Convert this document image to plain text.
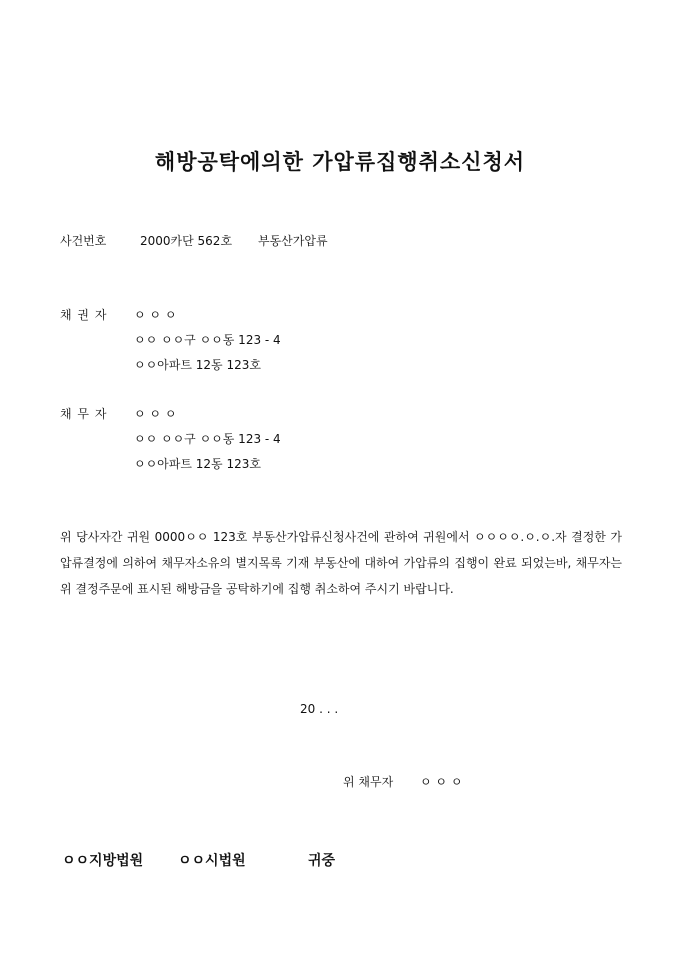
해방공탁에의한 가압류집행취소신청서
사건번호	2000카단 562호 부동산가압류
채 권 자 ㅇ ㅇ ㅇ
ㅇㅇ ㅇㅇ구 ㅇㅇ동 123 - 4
ㅇㅇ아파트 12동 123호
채 무 자 ㅇ ㅇ ㅇ
ㅇㅇ ㅇㅇ구 ㅇㅇ동 123 - 4
ㅇㅇ아파트 12동 123호
위 당사자간 귀원 0000ㅇㅇ 123호 부동산가압류신청사건에 관하여 귀원에서 ㅇㅇㅇㅇ.ㅇ.ㅇ.자 결정한 가압류결정에 의하여 채무자소유의 별지목록 기재 부동산에 대하여 가압류의 집행이 완료 되었는바, 채무자는 위 결정주문에 표시된 해방금을 공탁하기에 집행 취소하여 주시기 바랍니다.
20 . . .
위 채무자 ㅇ ㅇ ㅇ
ㅇㅇ지방법원 ㅇㅇ시법원	귀중
